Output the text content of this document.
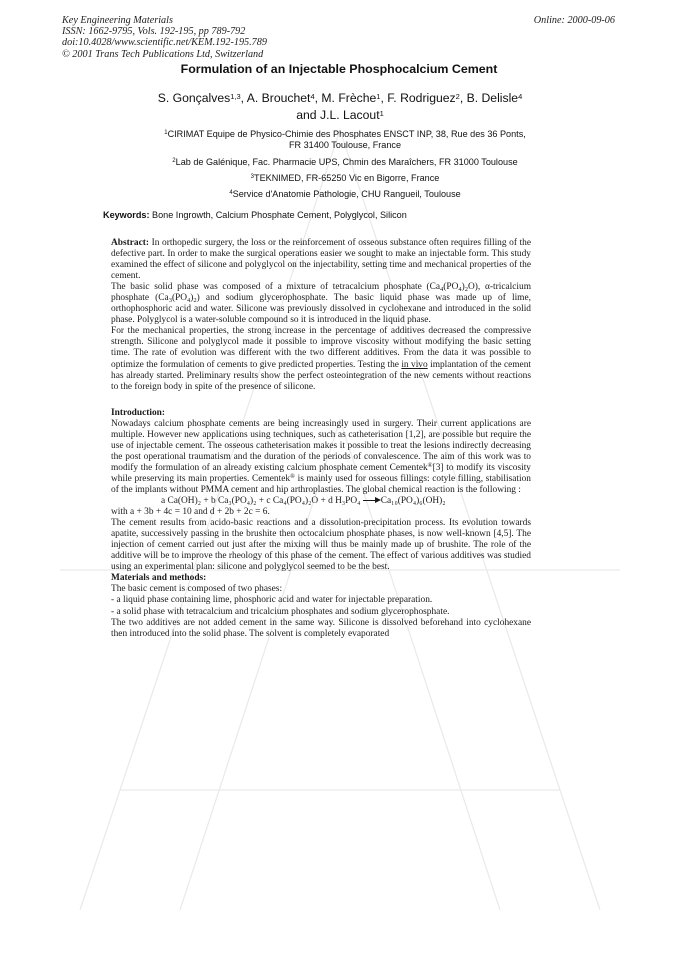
Key Engineering Materials
ISSN: 1662-9795, Vols. 192-195, pp 789-792
doi:10.4028/www.scientific.net/KEM.192-195.789
© 2001 Trans Tech Publications Ltd, Switzerland
Online: 2000-09-06
Formulation of an Injectable Phosphocalcium Cement
S. Gonçalves$^{1,3}$, A. Brouchet$^4$, M. Frèche$^1$, F. Rodriguez$^2$, B. Delisle$^4$
and J.L. Lacout$^1$
$^1$CIRIMAT Equipe de Physico-Chimie des Phosphates ENSCT INP, 38, Rue des 36 Ponts,
FR 31400 Toulouse, France
$^2$Lab de Galénique, Fac. Pharmacie UPS, Chmin des Maraîchers, FR 31000 Toulouse
$^3$TEKNIMED, FR-65250 Vic en Bigorre, France
$^4$Service d'Anatomie Pathologie, CHU Rangueil, Toulouse
Keywords: Bone Ingrowth, Calcium Phosphate Cement, Polyglycol, Silicon

Abstract: In orthopedic surgery, the loss or the reinforcement of osseous substance often requires filling of the defective part. In order to make the surgical operations easier we sought to make an injectable form. This study examined the effect of silicone and polyglycol on the injectability, setting time and mechanical properties of the cement.

The basic solid phase was composed of a mixture of tetracalcium phosphate $(Ca_4(PO_4)_2O)$, α-tricalcium phosphate $(Ca_3(PO_4)_2)$ and sodium glycerophosphate. The basic liquid phase was made up of lime, orthophosphoric acid and water. Silicone was previously dissolved in cyclohexane and introduced in the solid phase. Polyglycol is a water-soluble compound so it is introduced in the liquid phase.

For the mechanical properties, the strong increase in the percentage of additives decreased the compressive strength. Silicone and polyglycol made it possible to improve viscosity without modifying the basic setting time. The rate of evolution was different with the two different additives. From the data it was possible to optimize the formulation of cements to give predicted properties. Testing the in vivo implantation of the cement has already started. Preliminary results show the perfect osteointegration of the new cements without reactions to the foreign body in spite of the presence of silicone.

Introduction:

Nowadays calcium phosphate cements are being increasingly used in surgery. Their current applications are multiple. However new applications using techniques, such as catheterisation [1,2], are possible but require the use of injectable cement. The osseous catheterisation makes it possible to treat the lesions indirectly decreasing the post operational traumatism and the duration of the periods of convalescence. The aim of this work was to modify the formulation of an already existing calcium phosphate cement Cementek®[3] to modify its viscosity while preserving its main properties. Cementek® is mainly used for osseous fillings: cotyle filling, stabilisation of the implants without PMMA cement and hip arthroplasties. The global chemical reaction is the following :

a Ca(OH)₂ + b Ca₃(PO₄)₂ + c Ca₄(PO₄)₂O + d H₃PO₄ Ca₁₀(PO₄)₆(OH)₂

with a + 3b + 4c = 10 and d + 2b + 2c = 6.

The cement results from acido-basic reactions and a dissolution-precipitation process. Its evolution towards apatite, successively passing in the brushite then octocalcium phosphate phases, is now well-known [4,5]. The injection of cement carried out just after the mixing will thus be mainly made up of brushite. The role of the additive will be to improve the rheology of this phase of the cement. The effect of various additives was studied using an experimental plan: silicone and polyglycol seemed to be the best.

Materials and methods:

The basic cement is composed of two phases:

- a liquid phase containing lime, phosphoric acid and water for injectable preparation.

- a solid phase with tetracalcium and tricalcium phosphates and sodium glycerophosphate.

The two additives are not added cement in the same way. Silicone is dissolved beforehand into cyclohexane then introduced into the solid phase. The solvent is completely evaporated
